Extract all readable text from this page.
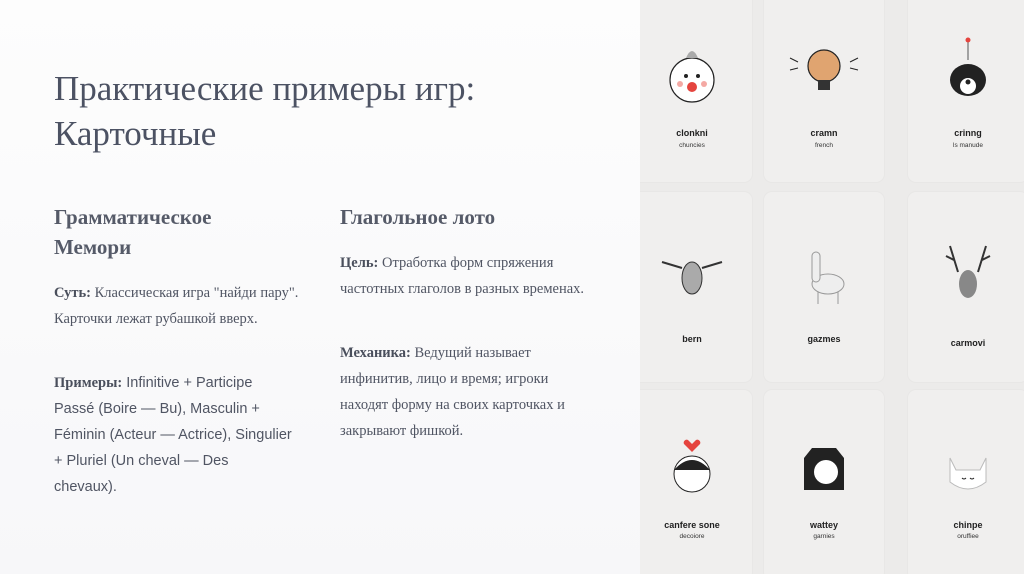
Практические примеры игр: Карточные
Грамматическое Мемори

Суть: Классическая игра "найди пару". Карточки лежат рубашкой вверх.

Примеры: Infinitive + Participe Passé (Boire — Bu), Masculin + Féminin (Acteur — Actrice), Singulier + Pluriel (Un cheval — Des chevaux).

Глагольное лото

Цель: Отработка форм спряжения частотных глаголов в разных временах.

Механика: Ведущий называет инфинитив, лицо и время; игроки находят форму на своих карточках и закрывают фишкой.

clonkni
chuncies
cramn
french
crinng
ls manude
bern	gazmes	carmovi
canfere sone
decoiore
wattey
garnies
chinpe
oruffiee
